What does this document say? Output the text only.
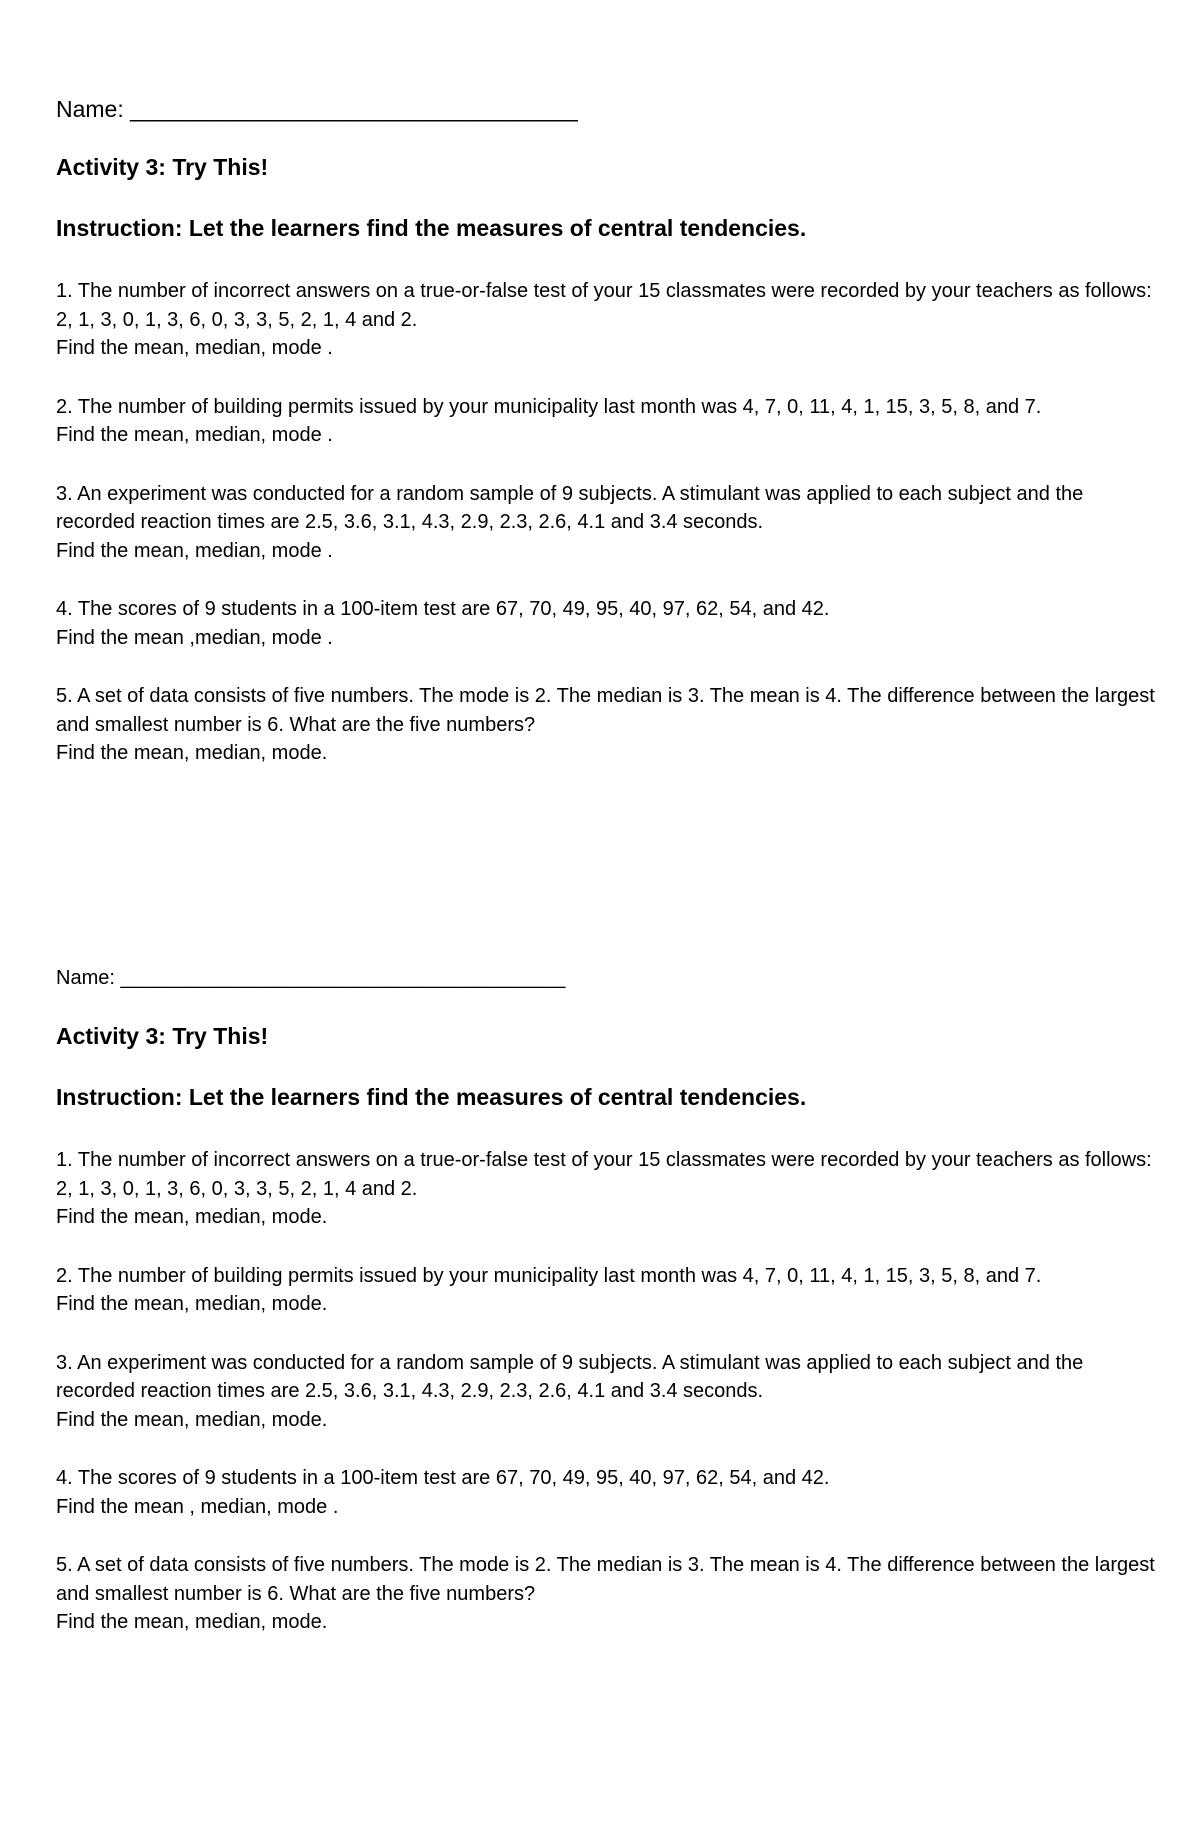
Name: ___________________________________

Activity 3: Try This!

Instruction: Let the learners find the measures of central tendencies.

1. The number of incorrect answers on a true-or-false test of your 15 classmates were recorded by your teachers as follows: 2, 1, 3, 0, 1, 3, 6, 0, 3, 3, 5, 2, 1, 4 and 2.
Find the mean, median, mode .
2. The number of building permits issued by your municipality last month was 4, 7, 0, 11, 4, 1, 15, 3, 5, 8, and 7.
Find the mean, median, mode .
3. An experiment was conducted for a random sample of 9 subjects. A stimulant was applied to each subject and the recorded reaction times are 2.5, 3.6, 3.1, 4.3, 2.9, 2.3, 2.6, 4.1 and 3.4 seconds.
Find the mean, median, mode .
4. The scores of 9 students in a 100-item test are 67, 70, 49, 95, 40, 97, 62, 54, and 42.
Find the mean ,median, mode .
5. A set of data consists of five numbers. The mode is 2. The median is 3. The mean is 4. The difference between the largest and smallest number is 6. What are the five numbers?
Find the mean, median, mode.

Name: ________________________________________

Activity 3: Try This!

Instruction: Let the learners find the measures of central tendencies.

1. The number of incorrect answers on a true-or-false test of your 15 classmates were recorded by your teachers as follows: 2, 1, 3, 0, 1, 3, 6, 0, 3, 3, 5, 2, 1, 4 and 2.
Find the mean, median, mode.
2. The number of building permits issued by your municipality last month was 4, 7, 0, 11, 4, 1, 15, 3, 5, 8, and 7.
Find the mean, median, mode.
3. An experiment was conducted for a random sample of 9 subjects. A stimulant was applied to each subject and the recorded reaction times are 2.5, 3.6, 3.1, 4.3, 2.9, 2.3, 2.6, 4.1 and 3.4 seconds.
Find the mean, median, mode.
4. The scores of 9 students in a 100-item test are 67, 70, 49, 95, 40, 97, 62, 54, and 42.
Find the mean , median, mode .
5. A set of data consists of five numbers. The mode is 2. The median is 3. The mean is 4. The difference between the largest and smallest number is 6. What are the five numbers?
Find the mean, median, mode.
